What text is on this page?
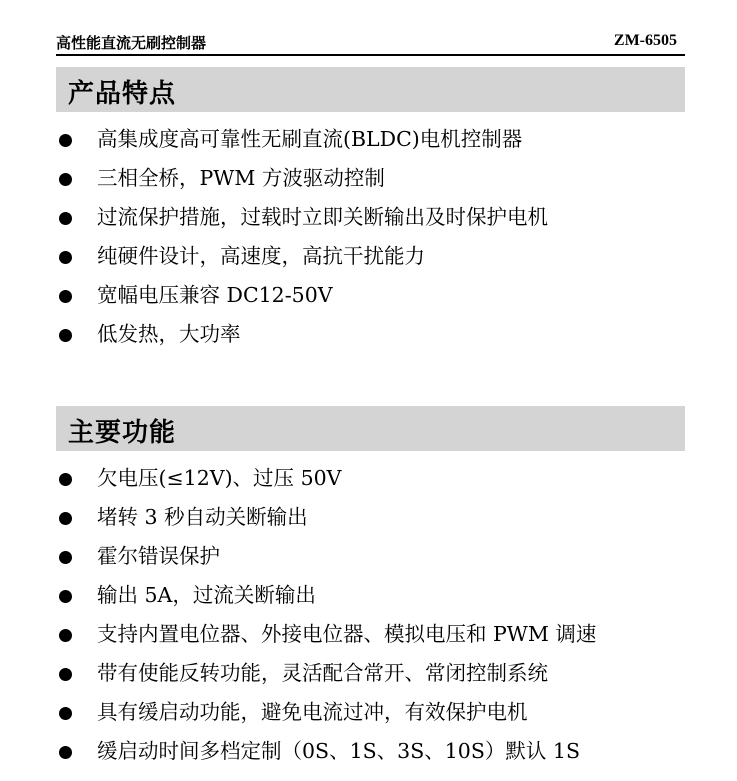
高性能直流无刷控制器	ZM-6505
产品特点
高集成度高可靠性无刷直流(BLDC)电机控制器
三相全桥，PWM 方波驱动控制
过流保护措施，过载时立即关断输出及时保护电机
纯硬件设计，高速度，高抗干扰能力
宽幅电压兼容 DC12-50V
低发热，大功率
主要功能
欠电压(≤12V)、过压 50V
堵转 3 秒自动关断输出
霍尔错误保护
输出 5A，过流关断输出
支持内置电位器、外接电位器、模拟电压和 PWM 调速
带有使能反转功能，灵活配合常开、常闭控制系统
具有缓启动功能，避免电流过冲，有效保护电机
缓启动时间多档定制（0S、1S、3S、10S）默认 1S
